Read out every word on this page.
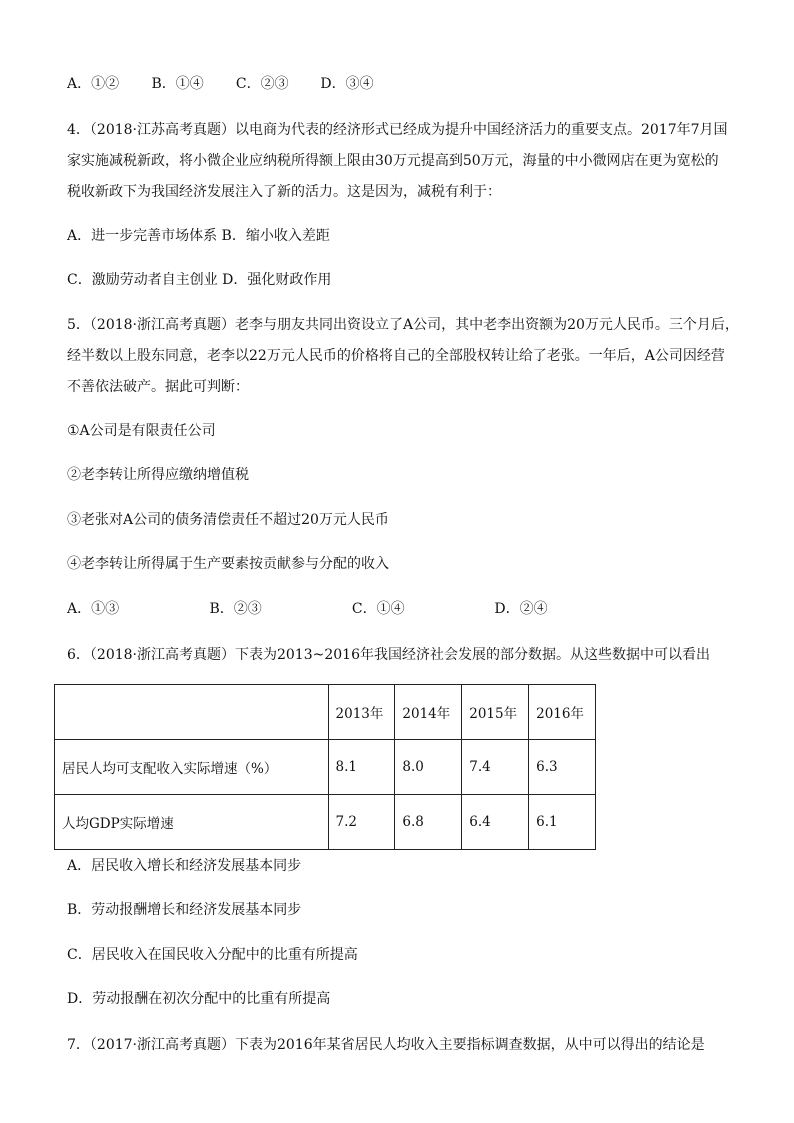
A．①② B．①④ C．②③ D．③④
4．（2018·江苏高考真题）以电商为代表的经济形式已经成为提升中国经济活力的重要支点。2017年7月国
家实施减税新政，将小微企业应纳税所得额上限由30万元提高到50万元，海量的中小微网店在更为宽松的
税收新政下为我国经济发展注入了新的活力。这是因为，减税有利于：
A．进一步完善市场体系 B．缩小收入差距
C．激励劳动者自主创业 D．强化财政作用
5．（2018·浙江高考真题）老李与朋友共同出资设立了A公司，其中老李出资额为20万元人民币。三个月后，
经半数以上股东同意，老李以22万元人民币的价格将自己的全部股权转让给了老张。一年后，A公司因经营
不善依法破产。据此可判断：
①A公司是有限责任公司
②老李转让所得应缴纳增值税
③老张对A公司的债务清偿责任不超过20万元人民币
④老李转让所得属于生产要素按贡献参与分配的收入
A．①③	B．②③	C．①④	D．②④
6．（2018·浙江高考真题）下表为2013~2016年我国经济社会发展的部分数据。从这些数据中可以看出
	2013年	2014年	2015年	2016年
居民人均可支配收入实际增速（%）	8.1	8.0	7.4	6.3
人均GDP实际增速	7.2	6.8	6.4	6.1
A．居民收入增长和经济发展基本同步
B．劳动报酬增长和经济发展基本同步
C．居民收入在国民收入分配中的比重有所提高
D．劳动报酬在初次分配中的比重有所提高
7．（2017·浙江高考真题）下表为2016年某省居民人均收入主要指标调查数据，从中可以得出的结论是
